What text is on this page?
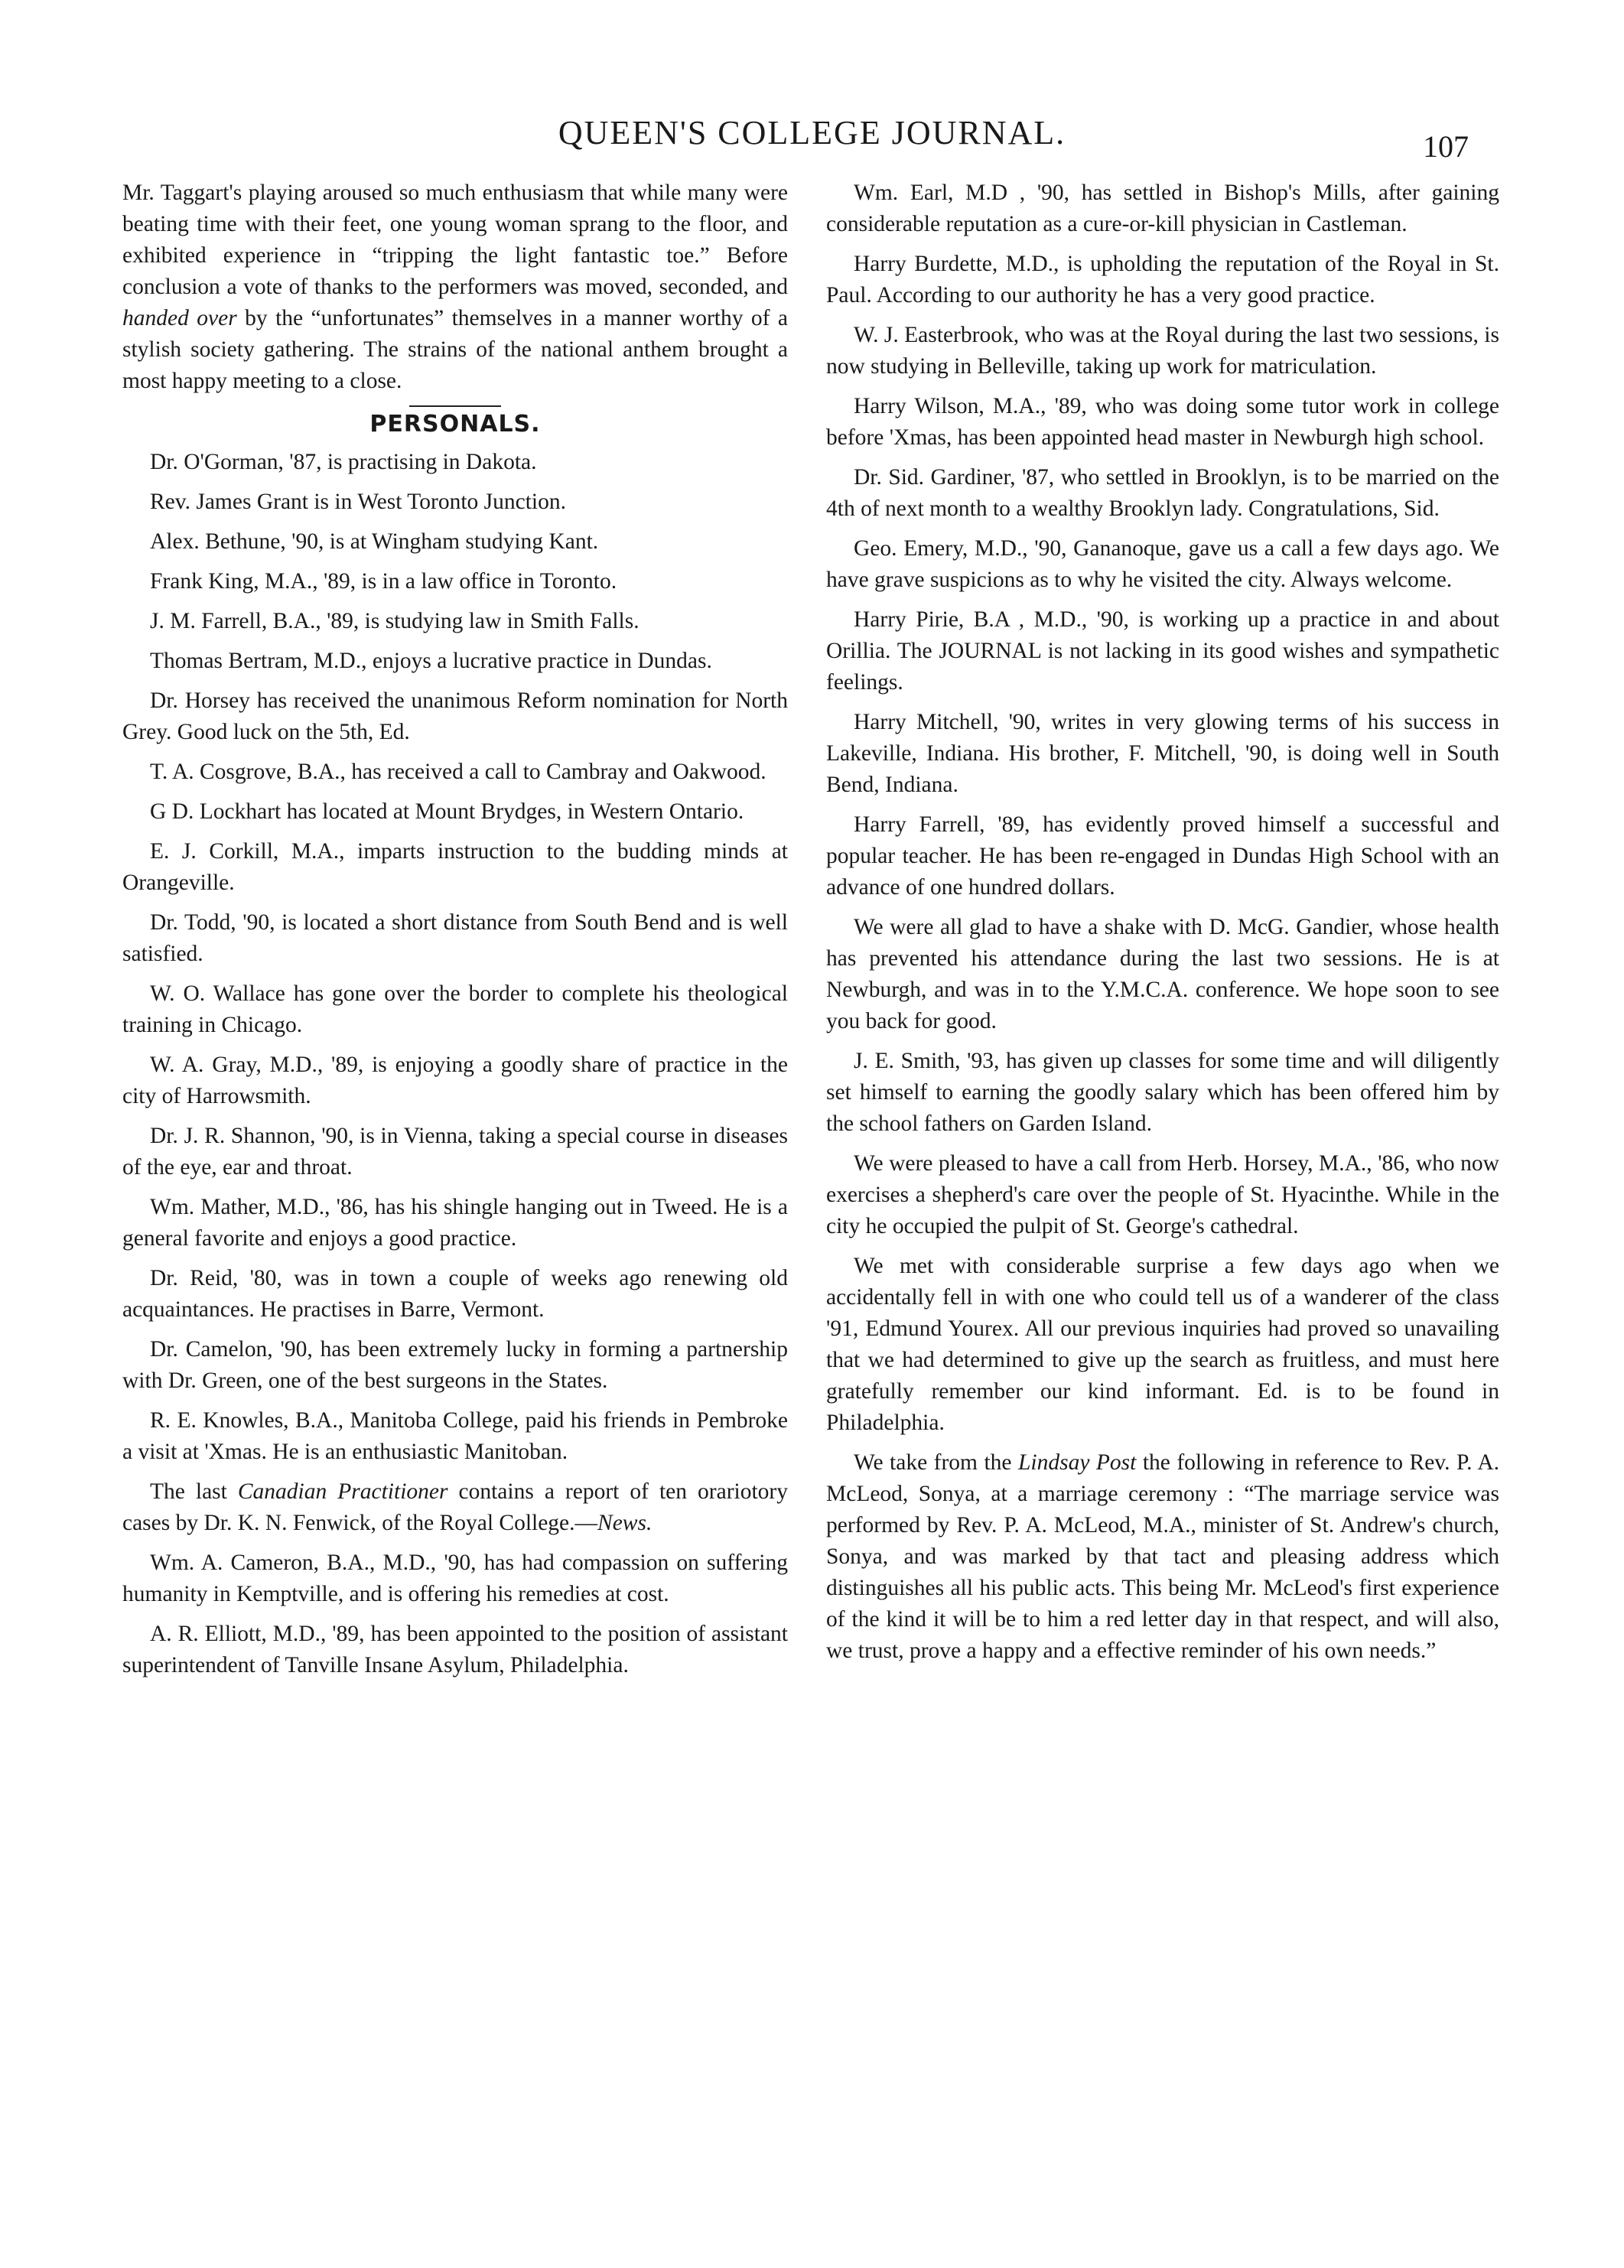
QUEEN'S COLLEGE JOURNAL.	107

Mr. Taggart's playing aroused so much enthusiasm that while many were beating time with their feet, one young woman sprang to the floor, and exhibited experience in “tripping the light fantastic toe.” Before conclusion a vote of thanks to the performers was moved, seconded, and handed over by the “unfortunates” themselves in a manner worthy of a stylish society gathering. The strains of the national anthem brought a most happy meeting to a close.

PERSONALS.

Dr. O'Gorman, '87, is practising in Dakota.

Rev. James Grant is in West Toronto Junction.

Alex. Bethune, '90, is at Wingham studying Kant.

Frank King, M.A., '89, is in a law office in Toronto.

J. M. Farrell, B.A., '89, is studying law in Smith Falls.

Thomas Bertram, M.D., enjoys a lucrative practice in Dundas.

Dr. Horsey has received the unanimous Reform nomination for North Grey. Good luck on the 5th, Ed.

T. A. Cosgrove, B.A., has received a call to Cambray and Oakwood.

G D. Lockhart has located at Mount Brydges, in Western Ontario.

E. J. Corkill, M.A., imparts instruction to the budding minds at Orangeville.

Dr. Todd, '90, is located a short distance from South Bend and is well satisfied.

W. O. Wallace has gone over the border to complete his theological training in Chicago.

W. A. Gray, M.D., '89, is enjoying a goodly share of practice in the city of Harrowsmith.

Dr. J. R. Shannon, '90, is in Vienna, taking a special course in diseases of the eye, ear and throat.

Wm. Mather, M.D., '86, has his shingle hanging out in Tweed. He is a general favorite and enjoys a good practice.

Dr. Reid, '80, was in town a couple of weeks ago renewing old acquaintances. He practises in Barre, Vermont.

Dr. Camelon, '90, has been extremely lucky in forming a partnership with Dr. Green, one of the best surgeons in the States.

R. E. Knowles, B.A., Manitoba College, paid his friends in Pembroke a visit at 'Xmas. He is an enthusiastic Manitoban.

The last Canadian Practitioner contains a report of ten orariotory cases by Dr. K. N. Fenwick, of the Royal College.—News.

Wm. A. Cameron, B.A., M.D., '90, has had compassion on suffering humanity in Kemptville, and is offering his remedies at cost.

A. R. Elliott, M.D., '89, has been appointed to the position of assistant superintendent of Tanville Insane Asylum, Philadelphia.

Wm. Earl, M.D , '90, has settled in Bishop's Mills, after gaining considerable reputation as a cure-or-kill physician in Castleman.

Harry Burdette, M.D., is upholding the reputation of the Royal in St. Paul. According to our authority he has a very good practice.

W. J. Easterbrook, who was at the Royal during the last two sessions, is now studying in Belleville, taking up work for matriculation.

Harry Wilson, M.A., '89, who was doing some tutor work in college before 'Xmas, has been appointed head master in Newburgh high school.

Dr. Sid. Gardiner, '87, who settled in Brooklyn, is to be married on the 4th of next month to a wealthy Brooklyn lady. Congratulations, Sid.

Geo. Emery, M.D., '90, Gananoque, gave us a call a few days ago. We have grave suspicions as to why he visited the city. Always welcome.

Harry Pirie, B.A , M.D., '90, is working up a practice in and about Orillia. The JOURNAL is not lacking in its good wishes and sympathetic feelings.

Harry Mitchell, '90, writes in very glowing terms of his success in Lakeville, Indiana. His brother, F. Mitchell, '90, is doing well in South Bend, Indiana.

Harry Farrell, '89, has evidently proved himself a successful and popular teacher. He has been re-engaged in Dundas High School with an advance of one hundred dollars.

We were all glad to have a shake with D. McG. Gandier, whose health has prevented his attendance during the last two sessions. He is at Newburgh, and was in to the Y.M.C.A. conference. We hope soon to see you back for good.

J. E. Smith, '93, has given up classes for some time and will diligently set himself to earning the goodly salary which has been offered him by the school fathers on Garden Island.

We were pleased to have a call from Herb. Horsey, M.A., '86, who now exercises a shepherd's care over the people of St. Hyacinthe. While in the city he occupied the pulpit of St. George's cathedral.

We met with considerable surprise a few days ago when we accidentally fell in with one who could tell us of a wanderer of the class '91, Edmund Yourex. All our previous inquiries had proved so unavailing that we had determined to give up the search as fruitless, and must here gratefully remember our kind informant. Ed. is to be found in Philadelphia.

We take from the Lindsay Post the following in reference to Rev. P. A. McLeod, Sonya, at a marriage ceremony : “The marriage service was performed by Rev. P. A. McLeod, M.A., minister of St. Andrew's church, Sonya, and was marked by that tact and pleasing address which distinguishes all his public acts. This being Mr. McLeod's first experience of the kind it will be to him a red letter day in that respect, and will also, we trust, prove a happy and a effective reminder of his own needs.”
